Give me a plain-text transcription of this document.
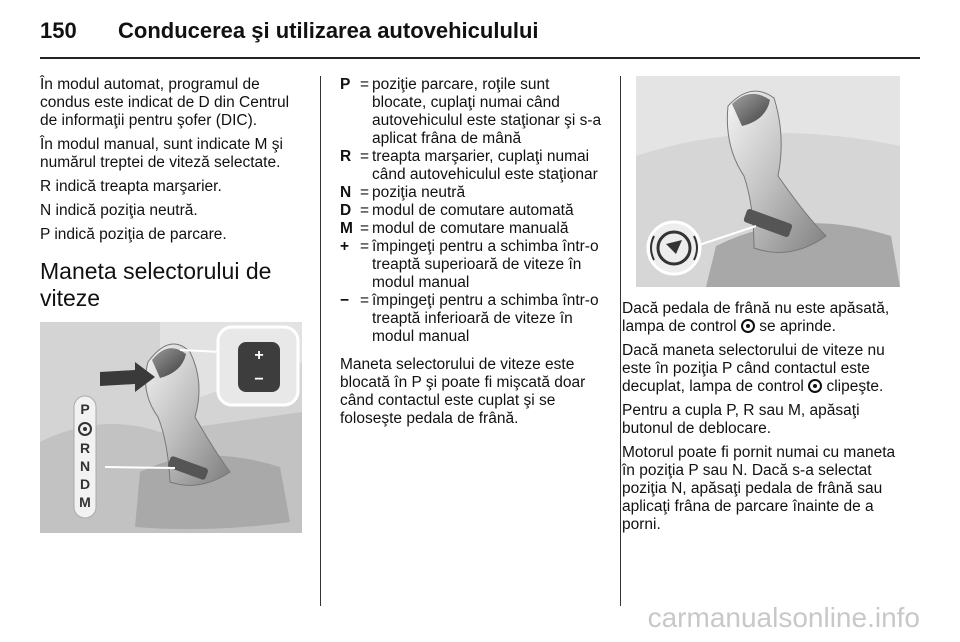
150 Conducerea şi utilizarea autovehiculului

În modul automat, programul de condus este indicat de D din Centrul de informaţii pentru şofer (DIC).

În modul manual, sunt indicate M şi numărul treptei de viteză selectate.

R indică treapta marşarier.

N indică poziţia neutră.

P indică poziţia de parcare.

Maneta selectorului de viteze
+
−
P
R
N
D
M
P = poziţie parcare, roţile sunt blocate, cuplaţi numai când autovehiculul este staţionar şi s-a aplicat frâna de mână
R = treapta marşarier, cuplaţi numai când autovehiculul este staţionar
N = poziţia neutră
D = modul de comutare automată
M = modul de comutare manuală
+ = împingeţi pentru a schimba într-o treaptă superioară de viteze în modul manual
− = împingeţi pentru a schimba într-o treaptă inferioară de viteze în modul manual

Maneta selectorului de viteze este blocată în P şi poate fi mişcată doar când contactul este cuplat şi se foloseşte pedala de frână.

Dacă pedala de frână nu este apăsată, lampa de control se aprinde.

Dacă maneta selectorului de viteze nu este în poziţia P când contactul este decuplat, lampa de control clipeşte.

Pentru a cupla P, R sau M, apăsaţi butonul de deblocare.

Motorul poate fi pornit numai cu maneta în poziţia P sau N. Dacă s-a selectat poziţia N, apăsaţi pedala de frână sau aplicaţi frâna de parcare înainte de a porni.

carmanualsonline.info
